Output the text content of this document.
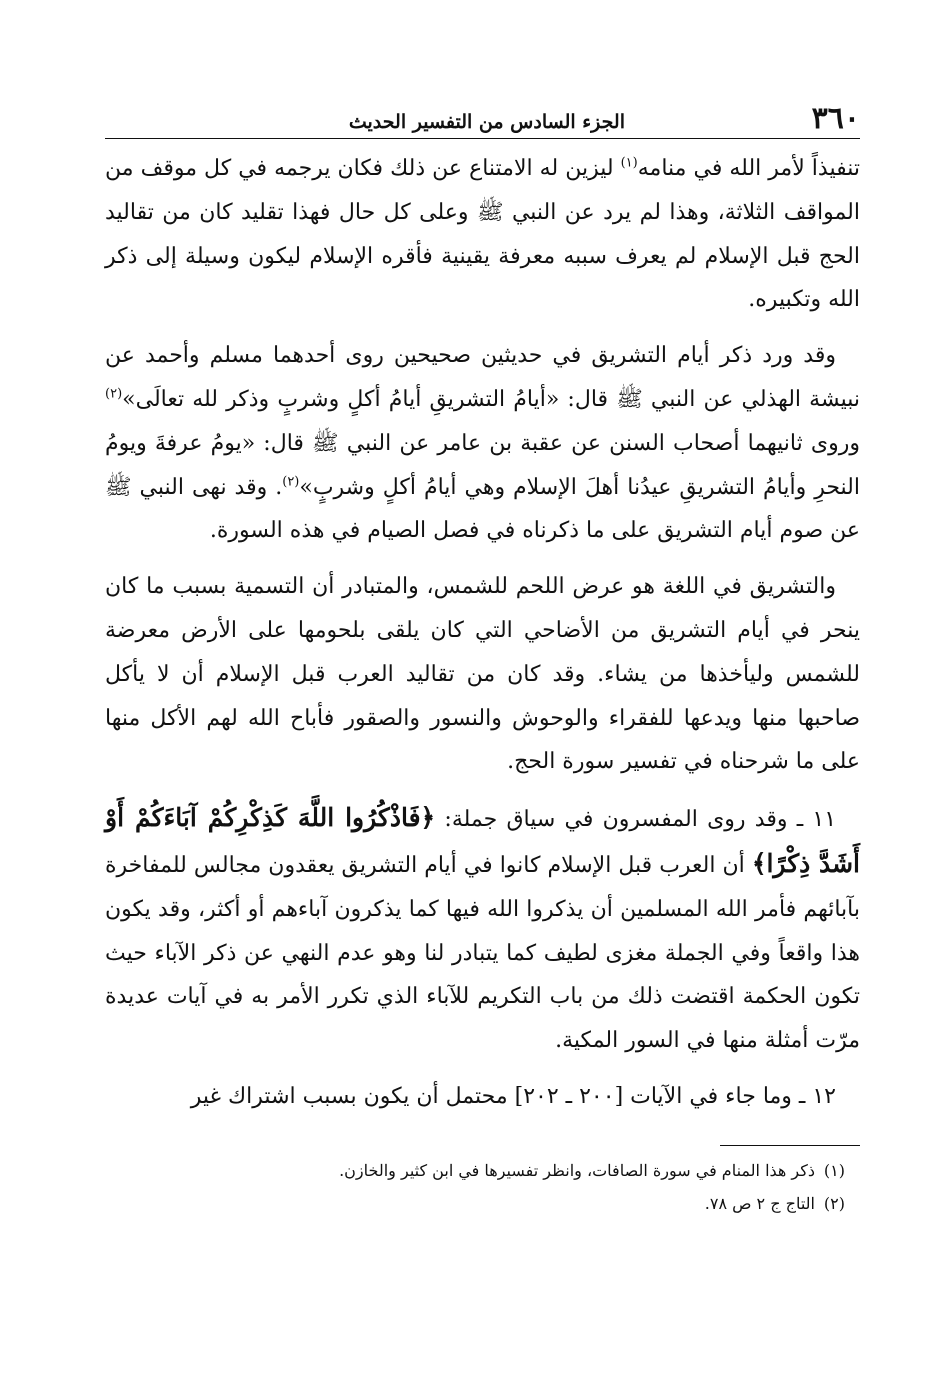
٣٦٠
الجزء السادس من التفسير الحديث

تنفيذاً لأمر الله في منامه$^{(١)}$ ليزين له الامتناع عن ذلك فكان يرجمه في كل موقف من المواقف الثلاثة، وهذا لم يرد عن النبي ﷺ وعلى كل حال فهذا تقليد كان من تقاليد الحج قبل الإسلام لم يعرف سببه معرفة يقينية فأقره الإسلام ليكون وسيلة إلى ذكر الله وتكبيره.

وقد ورد ذكر أيام التشريق في حديثين صحيحين روى أحدهما مسلم وأحمد عن نبيشة الهذلي عن النبي ﷺ قال: «أيامُ التشريقِ أيامُ أكلٍ وشربٍ وذكر لله تعالَى»$^{(٢)}$ وروى ثانيهما أصحاب السنن عن عقبة بن عامر عن النبي ﷺ قال: «يومُ عرفةَ ويومُ النحرِ وأيامُ التشريقِ عيدُنا أهلَ الإسلام وهي أيامُ أكلٍ وشربٍ»$^{(٢)}$. وقد نهى النبي ﷺ عن صوم أيام التشريق على ما ذكرناه في فصل الصيام في هذه السورة.

والتشريق في اللغة هو عرض اللحم للشمس، والمتبادر أن التسمية بسبب ما كان ينحر في أيام التشريق من الأضاحي التي كان يلقى بلحومها على الأرض معرضة للشمس وليأخذها من يشاء. وقد كان من تقاليد العرب قبل الإسلام أن لا يأكل صاحبها منها ويدعها للفقراء والوحوش والنسور والصقور فأباح الله لهم الأكل منها على ما شرحناه في تفسير سورة الحج.

١١ ـ وقد روى المفسرون في سياق جملة: ﴿فَاذْكُرُوا اللَّهَ كَذِكْرِكُمْ آبَاءَكُمْ أَوْ أَشَدَّ ذِكْرًا﴾ أن العرب قبل الإسلام كانوا في أيام التشريق يعقدون مجالس للمفاخرة بآبائهم فأمر الله المسلمين أن يذكروا الله فيها كما يذكرون آباءهم أو أكثر، وقد يكون هذا واقعاً وفي الجملة مغزى لطيف كما يتبادر لنا وهو عدم النهي عن ذكر الآباء حيث تكون الحكمة اقتضت ذلك من باب التكريم للآباء الذي تكرر الأمر به في آيات عديدة مرّت أمثلة منها في السور المكية.

١٢ ـ وما جاء في الآيات [٢٠٠ ـ ٢٠٢] محتمل أن يكون بسبب اشتراك غير

(١)
ذكر هذا المنام في سورة الصافات، وانظر تفسيرها في ابن كثير والخازن.

(٢)
التاج ج ٢ ص ٧٨.
